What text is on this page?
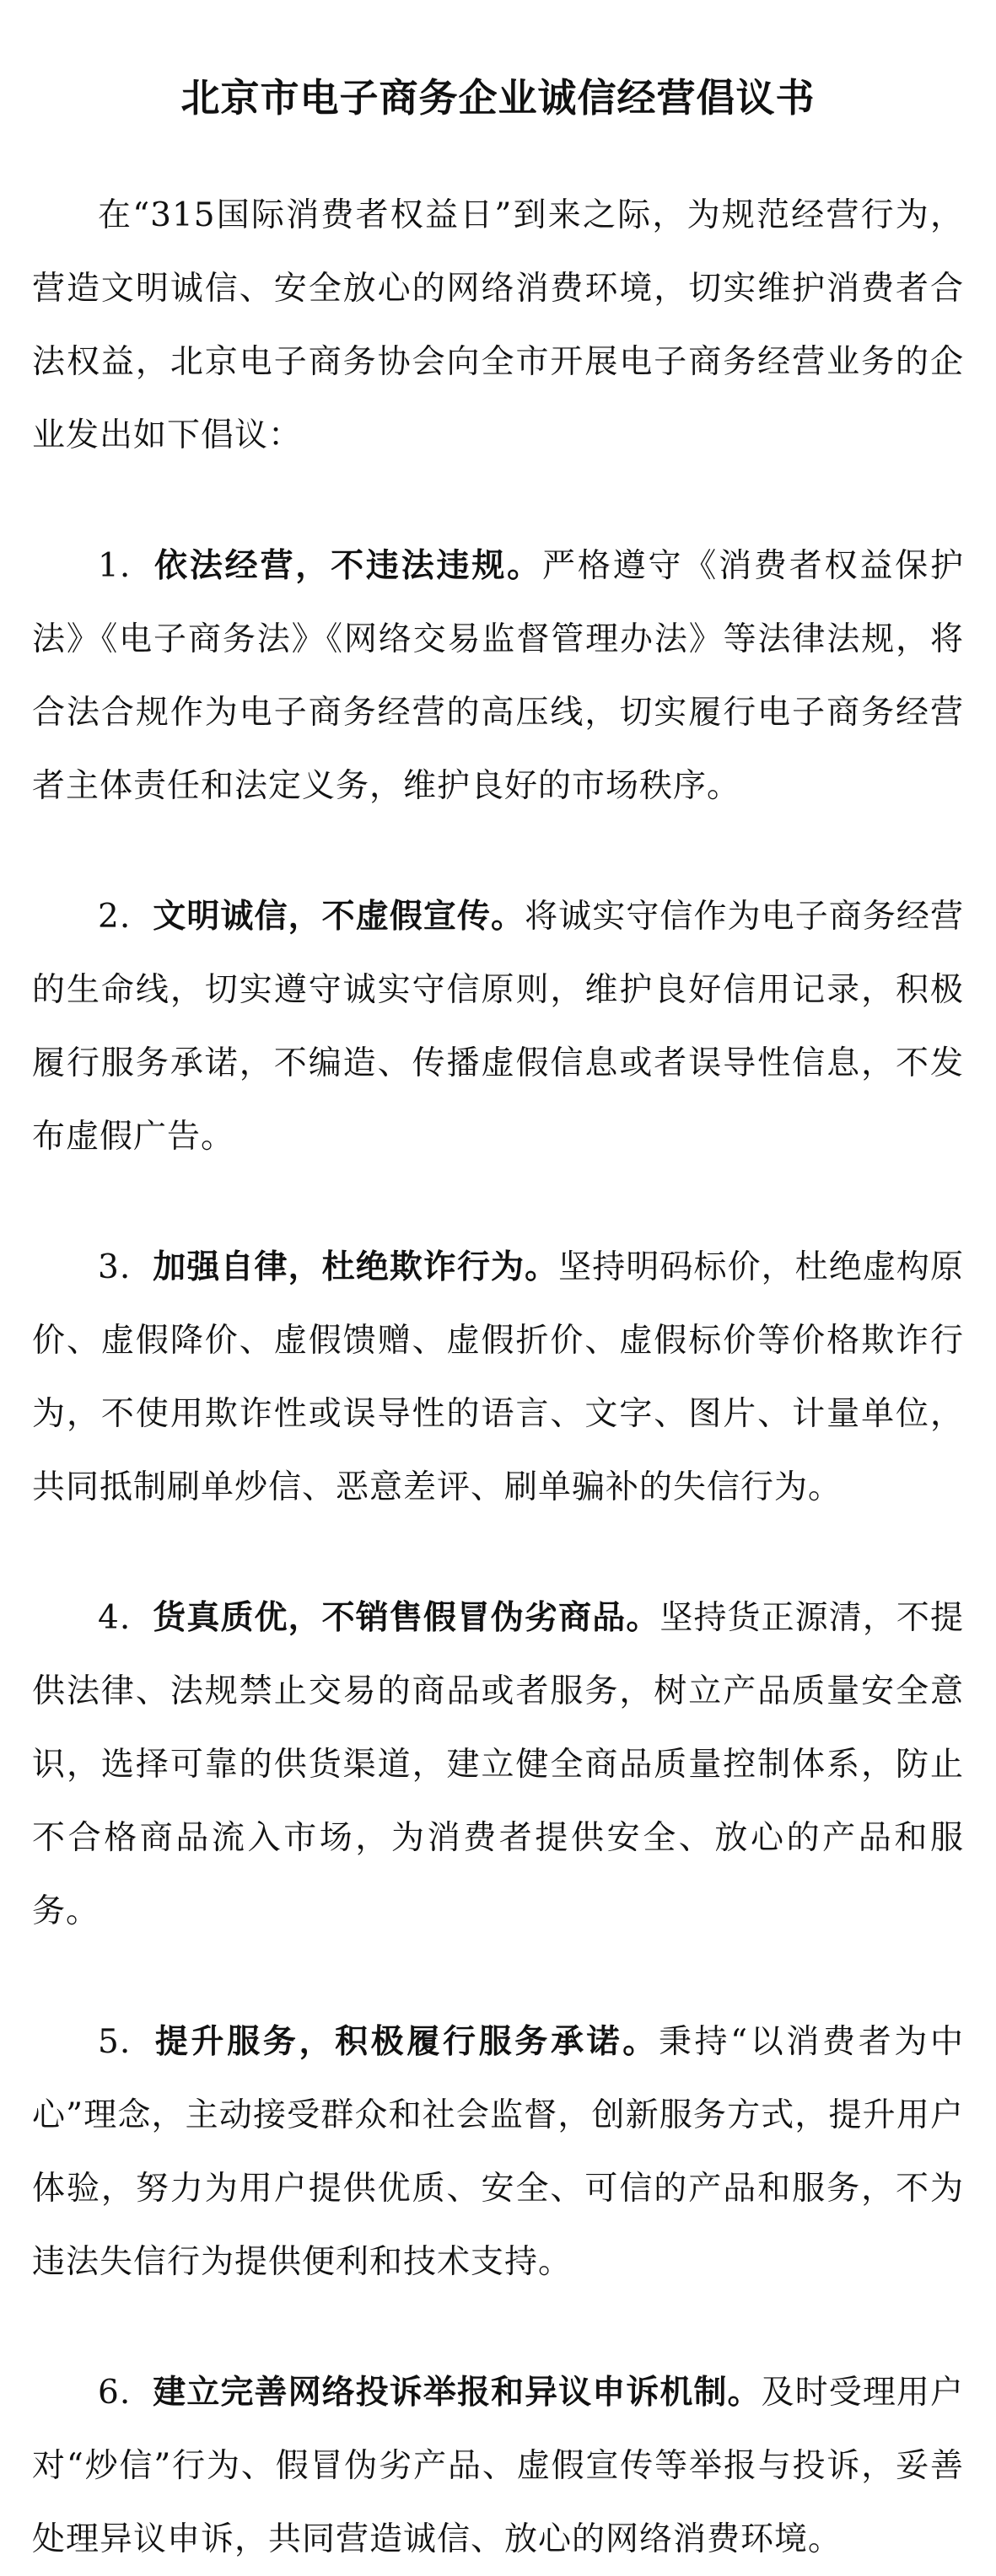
北京市电子商务企业诚信经营倡议书

在“315国际消费者权益日”到来之际，为规范经营行为，营造文明诚信、安全放心的网络消费环境，切实维护消费者合法权益，北京电子商务协会向全市开展电子商务经营业务的企业发出如下倡议：

1. 依法经营，不违法违规。严格遵守《消费者权益保护法》《电子商务法》《网络交易监督管理办法》等法律法规，将合法合规作为电子商务经营的高压线，切实履行电子商务经营者主体责任和法定义务，维护良好的市场秩序。

2. 文明诚信，不虚假宣传。将诚实守信作为电子商务经营的生命线，切实遵守诚实守信原则，维护良好信用记录，积极履行服务承诺，不编造、传播虚假信息或者误导性信息，不发布虚假广告。

3. 加强自律，杜绝欺诈行为。坚持明码标价，杜绝虚构原价、虚假降价、虚假馈赠、虚假折价、虚假标价等价格欺诈行为，不使用欺诈性或误导性的语言、文字、图片、计量单位，共同抵制刷单炒信、恶意差评、刷单骗补的失信行为。

4. 货真质优，不销售假冒伪劣商品。坚持货正源清，不提供法律、法规禁止交易的商品或者服务，树立产品质量安全意识，选择可靠的供货渠道，建立健全商品质量控制体系，防止不合格商品流入市场，为消费者提供安全、放心的产品和服务。

5. 提升服务，积极履行服务承诺。秉持“以消费者为中心”理念，主动接受群众和社会监督，创新服务方式，提升用户体验，努力为用户提供优质、安全、可信的产品和服务，不为违法失信行为提供便利和技术支持。

6. 建立完善网络投诉举报和异议申诉机制。及时受理用户对“炒信”行为、假冒伪劣产品、虚假宣传等举报与投诉，妥善处理异议申诉，共同营造诚信、放心的网络消费环境。
